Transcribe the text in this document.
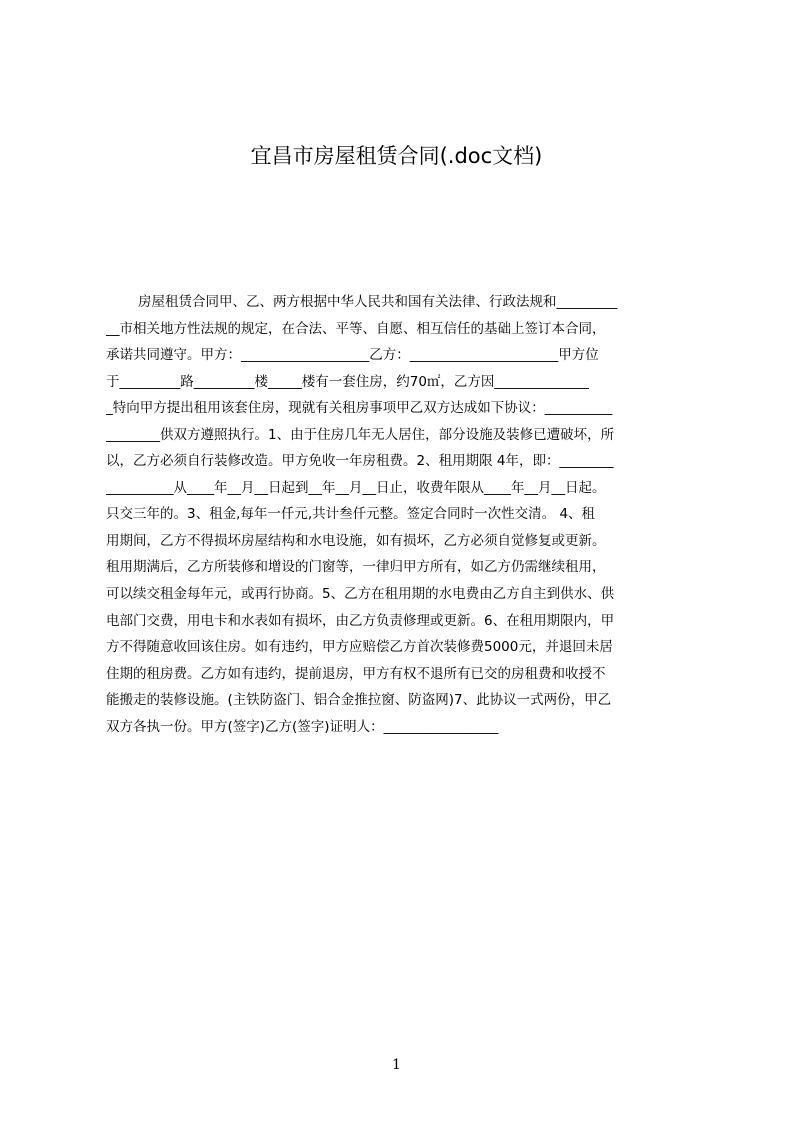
宜昌市房屋租赁合同(.doc文档)
房屋租赁合同甲、乙、两方根据中华人民共和国有关法律、行政法规和_________
__市相关地方性法规的规定，在合法、平等、自愿、相互信任的基础上签订本合同，
承诺共同遵守。甲方：___________________乙方：______________________甲方位
于_________路_________楼_____楼有一套住房，约70㎡，乙方因______________
_特向甲方提出租用该套住房，现就有关租房事项甲乙双方达成如下协议：__________
________供双方遵照执行。1、由于住房几年无人居住，部分设施及装修已遭破坏，所
以，乙方必须自行装修改造。甲方免收一年房租费。2、租用期限 4年，即：________
__________从____年__月__日起到__年__月__日止，收费年限从____年__月__日起。
只交三年的。3、租金,每年一仟元,共计叁仟元整。签定合同时一次性交清。 4、租
用期间，乙方不得损坏房屋结构和水电设施，如有损坏，乙方必须自觉修复或更新。
租用期满后，乙方所装修和增设的门窗等，一律归甲方所有，如乙方仍需继续租用，
可以续交租金每年元，或再行协商。5、乙方在租用期的水电费由乙方自主到供水、供
电部门交费，用电卡和水表如有损坏，由乙方负责修理或更新。6、在租用期限内，甲
方不得随意收回该住房。如有违约，甲方应赔偿乙方首次装修费5000元，并退回未居
住期的租房费。乙方如有违约，提前退房，甲方有权不退所有已交的房租费和收授不
能搬走的装修设施。(主铁防盗门、铝合金推拉窗、防盗网)7、此协议一式两份，甲乙
双方各执一份。甲方(签字)乙方(签字)证明人：_________________
1
